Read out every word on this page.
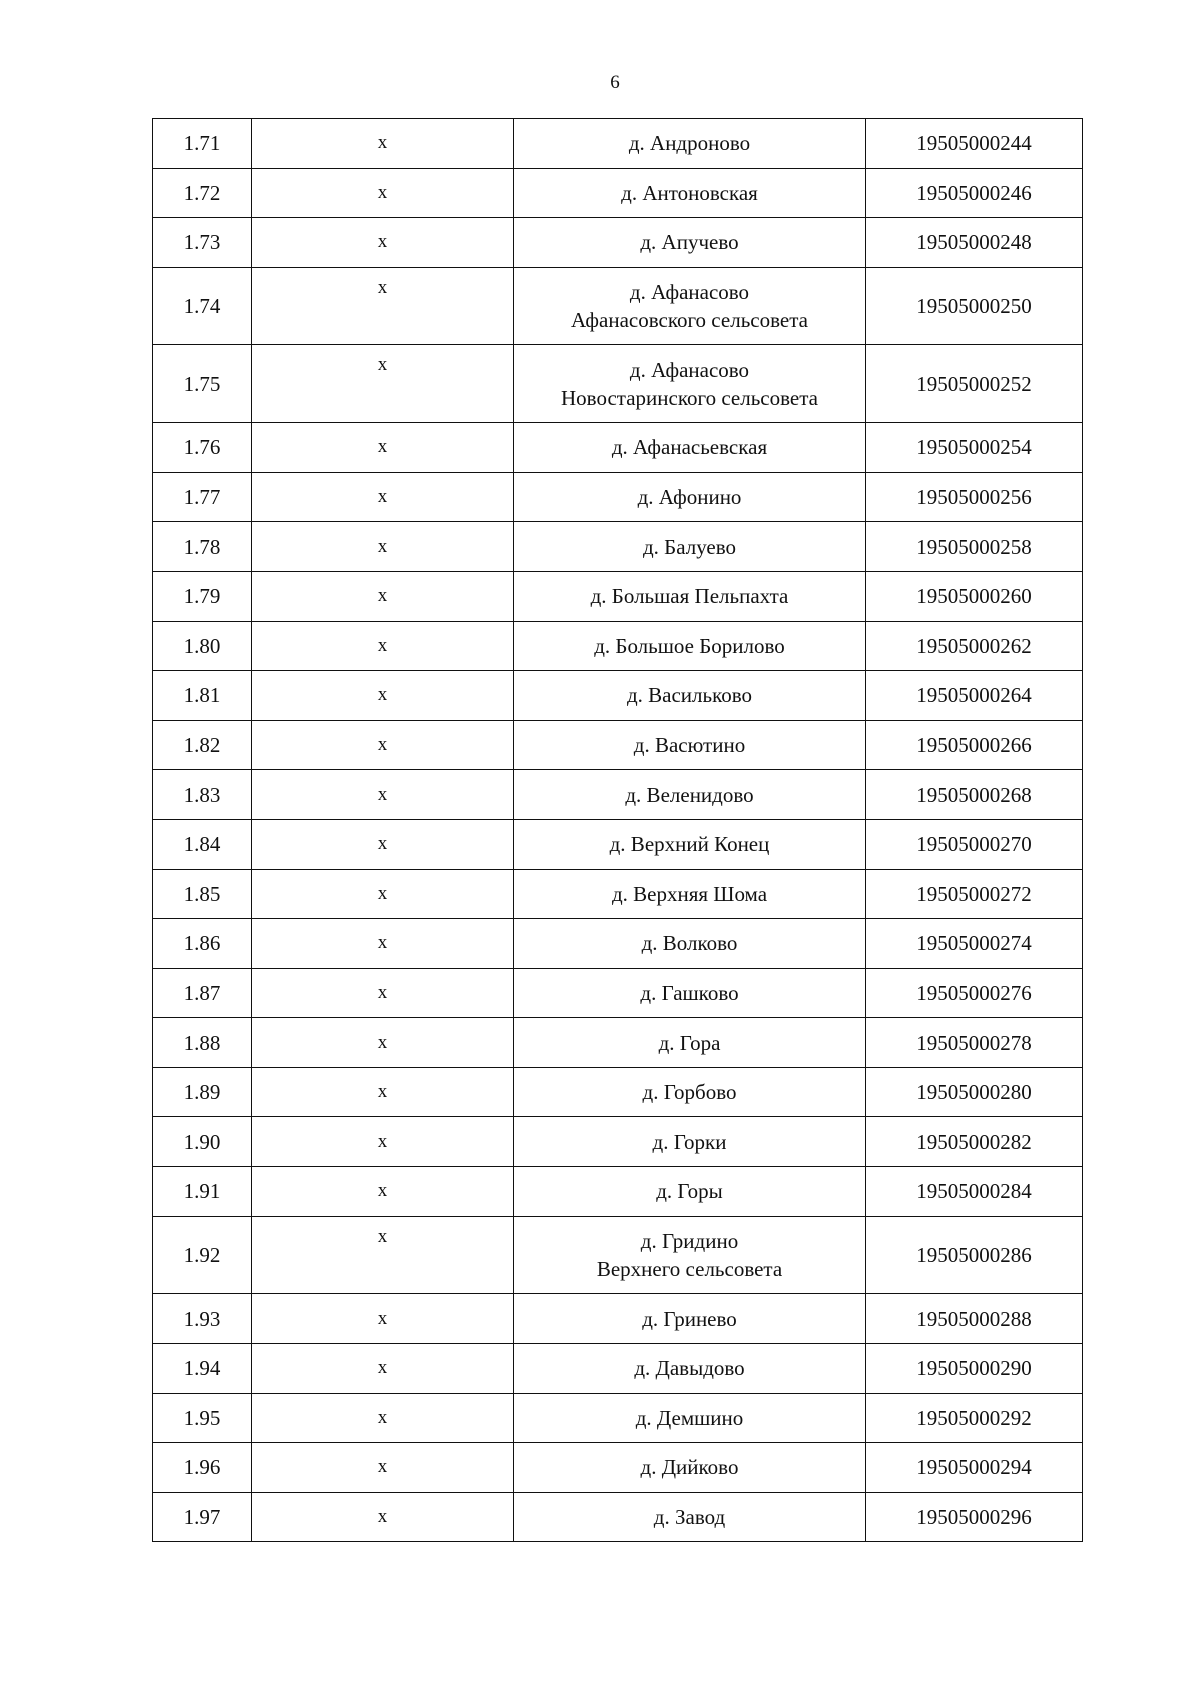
6
1.71	х	д. Андроново	19505000244
1.72	х	д. Антоновская	19505000246
1.73	х	д. Апучево	19505000248
1.74	х	д. Афанасово
Афанасовского сельсовета	19505000250
1.75	х	д. Афанасово
Новостаринского сельсовета	19505000252
1.76	х	д. Афанасьевская	19505000254
1.77	х	д. Афонино	19505000256
1.78	х	д. Балуево	19505000258
1.79	х	д. Большая Пельпахта	19505000260
1.80	х	д. Большое Борилово	19505000262
1.81	х	д. Васильково	19505000264
1.82	х	д. Васютино	19505000266
1.83	х	д. Веленидово	19505000268
1.84	х	д. Верхний Конец	19505000270
1.85	х	д. Верхняя Шома	19505000272
1.86	х	д. Волково	19505000274
1.87	х	д. Гашково	19505000276
1.88	х	д. Гора	19505000278
1.89	х	д. Горбово	19505000280
1.90	х	д. Горки	19505000282
1.91	х	д. Горы	19505000284
1.92	х	д. Гридино
Верхнего сельсовета	19505000286
1.93	х	д. Гринево	19505000288
1.94	х	д. Давыдово	19505000290
1.95	х	д. Демшино	19505000292
1.96	х	д. Дийково	19505000294
1.97	х	д. Завод	19505000296
